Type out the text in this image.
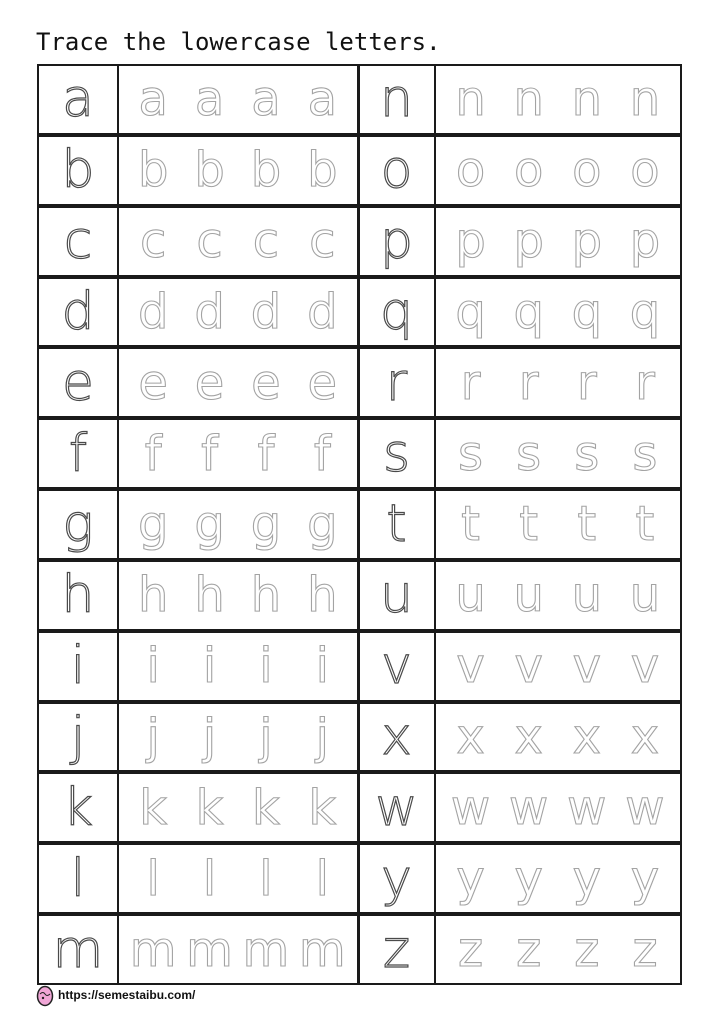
Trace the lowercase letters.
a a a a a
b b b b b
c c c c c
d d d d d
e e e e e
f f f f f
g g g g g
h h h h h
i i i i i
j j j j j
k k k k k
l l l l l
m m m m m
n n n n n
o o o o o
p p p p p
q q q q q
r r r r r
s s s s s
t t t t t
u u u u u
v v v v v
x x x x x
w w w w w
y y y y y
z z z z z
https://semestaibu.com/
